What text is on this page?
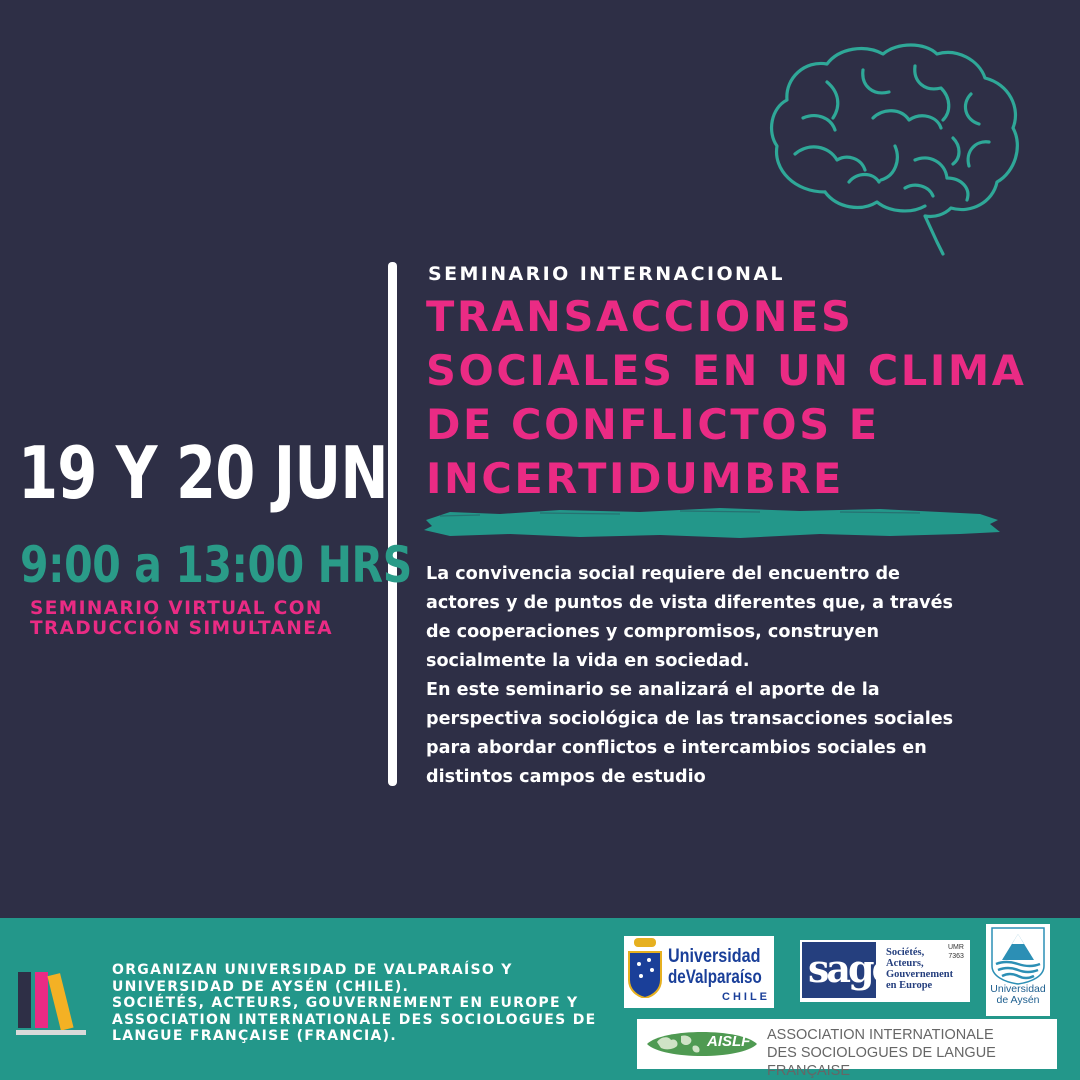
SEMINARIO INTERNACIONAL
TRANSACCIONES
SOCIALES EN UN CLIMA
DE CONFLICTOS E
INCERTIDUMBRE
19 Y 20 JUN
9:00 a 13:00 HRS
SEMINARIO VIRTUAL CON
TRADUCCIÓN SIMULTANEA

La convivencia social requiere del encuentro de
actores y de puntos de vista diferentes que, a través
de cooperaciones y compromisos, construyen
socialmente la vida en sociedad.

En este seminario se analizará el aporte de la
perspectiva sociológica de las transacciones sociales
para abordar conflictos e intercambios sociales en
distintos campos de estudio

ORGANIZAN UNIVERSIDAD DE VALPARAÍSO Y
UNIVERSIDAD DE AYSÉN (CHILE).
SOCIÉTÉS, ACTEURS, GOUVERNEMENT EN EUROPE Y
ASSOCIATION INTERNATIONALE DES SOCIOLOGUES DE
LANGUE FRANÇAISE (FRANCIA).
Universidad
deValparaíso
CHILE
sage
Sociétés,
Acteurs,
Gouvernement
en Europe
UMR
7363
Universidad
de Aysén
AISLF ASSOCIATION INTERNATIONALE
DES SOCIOLOGUES DE LANGUE FRANÇAISE
